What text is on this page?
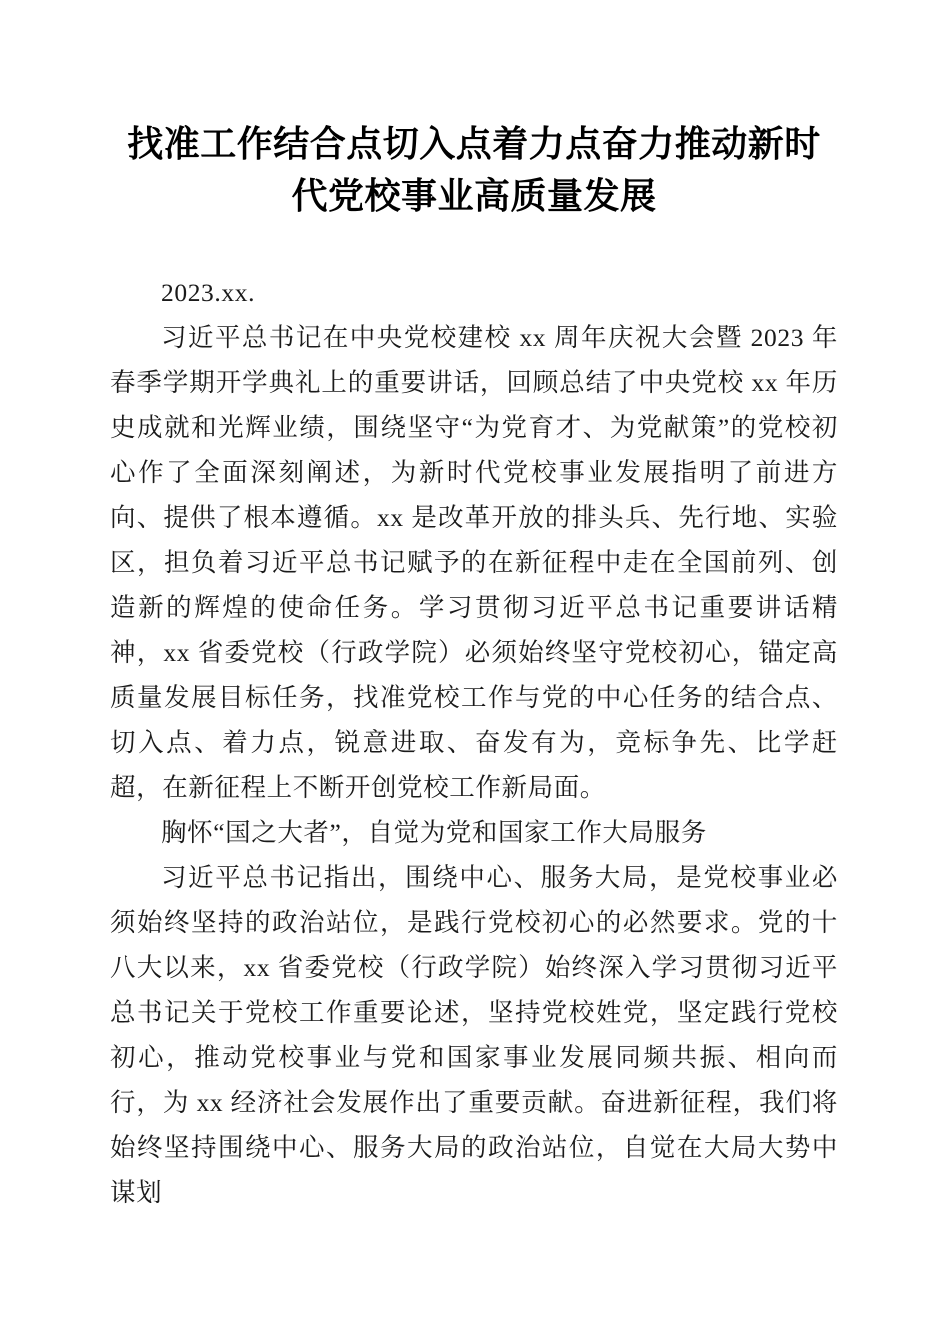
找准工作结合点切入点着力点奋力推动新时代党校事业高质量发展

2023.xx.

习近平总书记在中央党校建校 xx 周年庆祝大会暨 2023 年春季学期开学典礼上的重要讲话，回顾总结了中央党校 xx 年历史成就和光辉业绩，围绕坚守“为党育才、为党献策”的党校初心作了全面深刻阐述，为新时代党校事业发展指明了前进方向、提供了根本遵循。xx 是改革开放的排头兵、先行地、实验区，担负着习近平总书记赋予的在新征程中走在全国前列、创造新的辉煌的使命任务。学习贯彻习近平总书记重要讲话精神，xx 省委党校（行政学院）必须始终坚守党校初心，锚定高质量发展目标任务，找准党校工作与党的中心任务的结合点、切入点、着力点，锐意进取、奋发有为，竞标争先、比学赶超，在新征程上不断开创党校工作新局面。

胸怀“国之大者”，自觉为党和国家工作大局服务

习近平总书记指出，围绕中心、服务大局，是党校事业必须始终坚持的政治站位，是践行党校初心的必然要求。党的十八大以来，xx 省委党校（行政学院）始终深入学习贯彻习近平总书记关于党校工作重要论述，坚持党校姓党，坚定践行党校初心，推动党校事业与党和国家事业发展同频共振、相向而行，为 xx 经济社会发展作出了重要贡献。奋进新征程，我们将始终坚持围绕中心、服务大局的政治站位，自觉在大局大势中谋划
